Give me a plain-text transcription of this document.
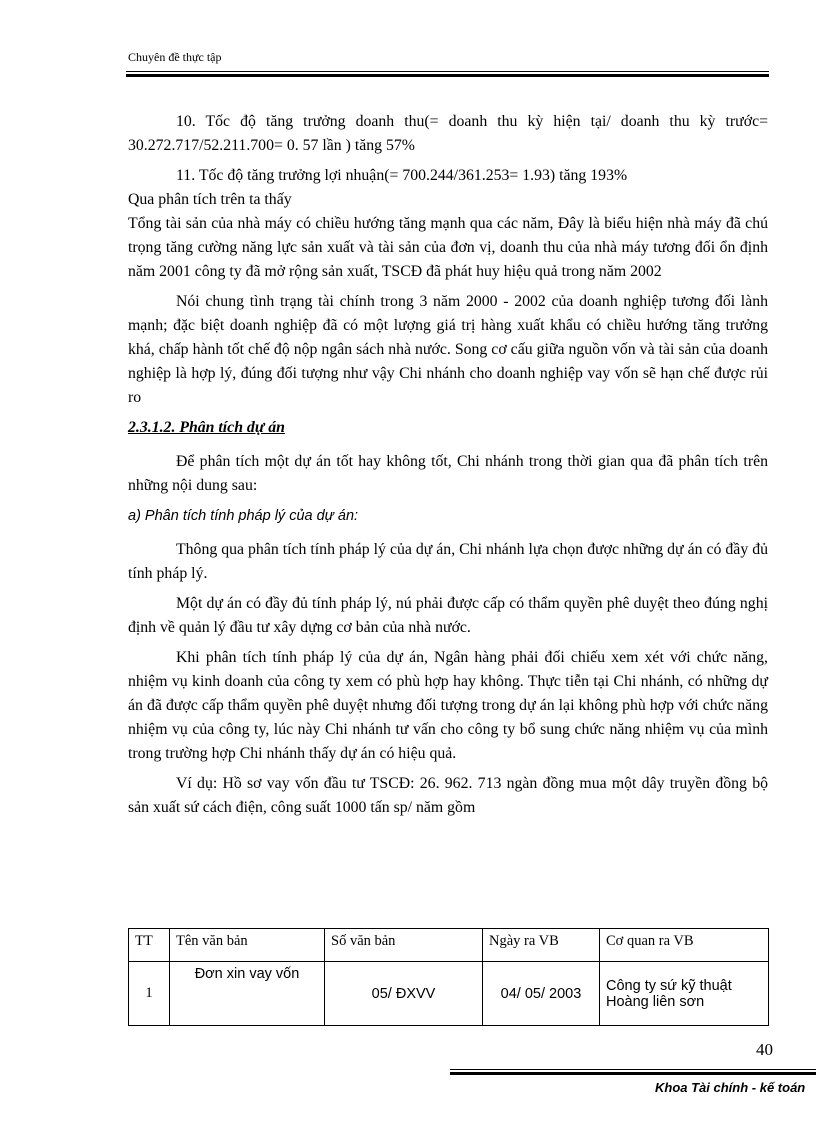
Chuyên đề thực tập

10. Tốc độ tăng trưởng doanh thu(= doanh thu kỳ hiện tại/ doanh thu kỳ trước= 30.272.717/52.211.700= 0. 57 lần ) tăng 57%

11. Tốc độ tăng trưởng lợi nhuận(= 700.244/361.253= 1.93) tăng 193%

Qua phân tích trên ta thấy

Tổng tài sản của nhà máy có chiều hướng tăng mạnh qua các năm, Đây là biểu hiện nhà máy đã chú trọng tăng cường năng lực sản xuất và tài sản của đơn vị, doanh thu của nhà máy tương đối ổn định năm 2001 công ty đã mở rộng sản xuất, TSCĐ đã phát huy hiệu quả trong năm 2002

Nói chung tình trạng tài chính trong 3 năm 2000 - 2002 của doanh nghiệp tương đối lành mạnh; đặc biệt doanh nghiệp đã có một lượng giá trị hàng xuất khẩu có chiều hướng tăng trưởng khá, chấp hành tốt chế độ nộp ngân sách nhà nước. Song cơ cấu giữa nguồn vốn và tài sản của doanh nghiệp là hợp lý, đúng đối tượng như vậy Chi nhánh cho doanh nghiệp vay vốn sẽ hạn chế được rủi ro

2.3.1.2. Phân tích dự án

Để phân tích một dự án tốt hay không tốt, Chi nhánh trong thời gian qua đã phân tích trên những nội dung sau:

a) Phân tích tính pháp lý của dự án:

Thông qua phân tích tính pháp lý của dự án, Chi nhánh lựa chọn được những dự án có đầy đủ tính pháp lý.

Một dự án có đầy đủ tính pháp lý, nú phải được cấp có thẩm quyền phê duyệt theo đúng nghị định về quản lý đầu tư xây dựng cơ bản của nhà nước.

Khi phân tích tính pháp lý của dự án, Ngân hàng phải đối chiếu xem xét với chức năng, nhiệm vụ kinh doanh của công ty xem có phù hợp hay không. Thực tiễn tại Chi nhánh, có những dự án đã được cấp thẩm quyền phê duyệt nhưng đối tượng trong dự án lại không phù hợp với chức năng nhiệm vụ của công ty, lúc này Chi nhánh tư vấn cho công ty bổ sung chức năng nhiệm vụ của mình trong trường hợp Chi nhánh thấy dự án có hiệu quả.

Ví dụ: Hồ sơ vay vốn đầu tư TSCĐ: 26. 962. 713 ngàn đồng mua một dây truyền đồng bộ sản xuất sứ cách điện, công suất 1000 tấn sp/ năm gồm

TT	Tên văn bản	Số văn bản	Ngày ra VB	Cơ quan ra VB
1	Đơn xin vay vốn	05/ ĐXVV	04/ 05/ 2003	Công ty sứ kỹ thuật Hoàng liên sơn
40
Khoa Tài chính - kế toán
